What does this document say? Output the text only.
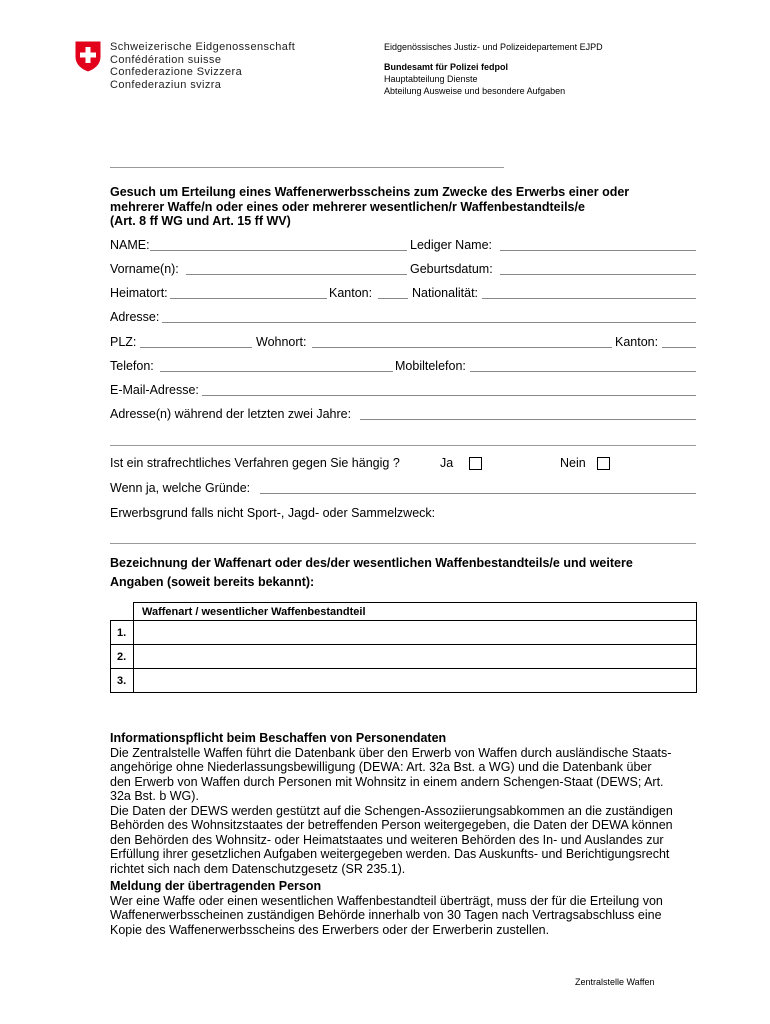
Schweizerische Eidgenossenschaft
Confédération suisse
Confederazione Svizzera
Confederaziun svizra
Eidgenössisches Justiz- und Polizeidepartement EJPD
Bundesamt für Polizei fedpol
Hauptabteilung Dienste
Abteilung Ausweise und besondere Aufgaben
Gesuch um Erteilung eines Waffenerwerbsscheins zum Zwecke des Erwerbs einer oder
mehrerer Waffe/n oder eines oder mehrerer wesentlichen/r Waffenbestandteils/e
(Art. 8 ff WG und Art. 15 ff WV)
NAME:	Lediger Name:
Vorname(n):	Geburtsdatum:
Heimatort:	Kanton:	Nationalität:
Adresse:
PLZ:	Wohnort:	Kanton:
Telefon:	Mobiltelefon:
E-Mail-Adresse:
Adresse(n) während der letzten zwei Jahre:
Ist ein strafrechtliches Verfahren gegen Sie hängig ?	Ja	Nein
Wenn ja, welche Gründe:
Erwerbsgrund falls nicht Sport-, Jagd- oder Sammelzweck:
Bezeichnung der Waffenart oder des/der wesentlichen Waffenbestandteils/e und weitere
Angaben (soweit bereits bekannt):
	Waffenart / wesentlicher Waffenbestandteil
1.	
2.	
3.	

Informationspflicht beim Beschaffen von Personendaten

Die Zentralstelle Waffen führt die Datenbank über den Erwerb von Waffen durch ausländische Staats-

angehörige ohne Niederlassungsbewilligung (DEWA: Art. 32a Bst. a WG) und die Datenbank über

den Erwerb von Waffen durch Personen mit Wohnsitz in einem andern Schengen-Staat (DEWS; Art.

32a Bst. b WG).

Die Daten der DEWS werden gestützt auf die Schengen-Assoziierungsabkommen an die zuständigen

Behörden des Wohnsitzstaates der betreffenden Person weitergegeben, die Daten der DEWA können

den Behörden des Wohnsitz- oder Heimatstaates und weiteren Behörden des In- und Auslandes zur

Erfüllung ihrer gesetzlichen Aufgaben weitergegeben werden. Das Auskunfts- und Berichtigungsrecht

richtet sich nach dem Datenschutzgesetz (SR 235.1).

Meldung der übertragenden Person

Wer eine Waffe oder einen wesentlichen Waffenbestandteil überträgt, muss der für die Erteilung von

Waffenerwerbsscheinen zuständigen Behörde innerhalb von 30 Tagen nach Vertragsabschluss eine

Kopie des Waffenerwerbsscheins des Erwerbers oder der Erwerberin zustellen.

Zentralstelle Waffen
